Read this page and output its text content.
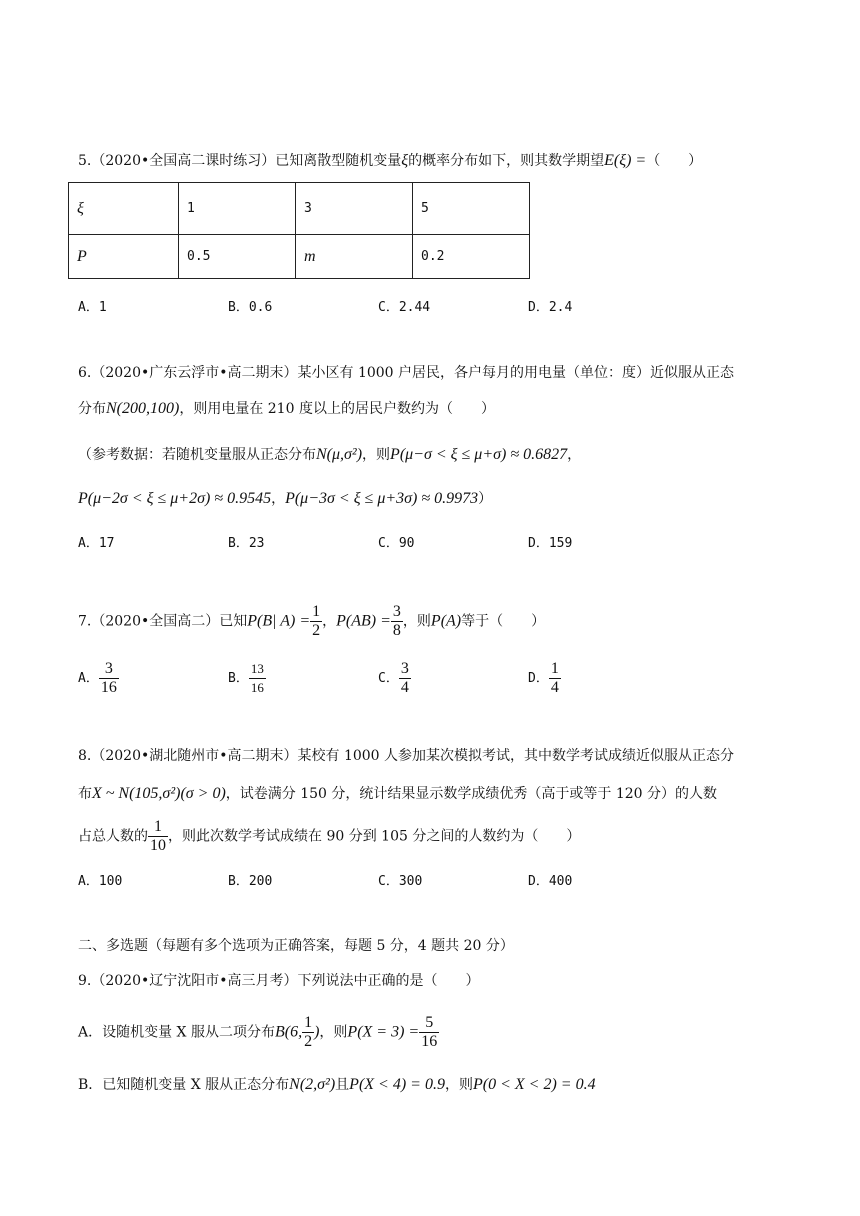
5.（2020•全国高二课时练习）已知离散型随机变量ξ的概率分布如下，则其数学期望E(ξ) =（　　）
ξ	1	3	5
P	0.5	m	0.2
A．1	B．0.6	C．2.44	D．2.4
6.（2020•广东云浮市•高二期末）某小区有 1000 户居民，各户每月的用电量（单位：度）近似服从正态
分布N(200,100)，则用电量在 210 度以上的居民户数约为（　　）
（参考数据：若随机变量服从正态分布N(μ,σ²)，则P(μ−σ < ξ ≤ μ+σ) ≈ 0.6827，
P(μ−2σ < ξ ≤ μ+2σ) ≈ 0.9545，P(μ−3σ < ξ ≤ μ+3σ) ≈ 0.9973）
A．17	B．23	C．90	D．159
7.（2020•全国高二）已知P(B| $A) = \frac{1}{2}$ ，$P(AB) = \frac{3}{8}$ ，则P(A)等于（　　）
A． $\frac{3}{16}$	B． $\frac{13}{16}$	C． $\frac{3}{4}$	D． $\frac{1}{4}$
8.（2020•湖北随州市•高二期末）某校有 1000 人参加某次模拟考试，其中数学考试成绩近似服从正态分
布X ~ N(105,σ²)(σ > 0)，试卷满分 150 分，统计结果显示数学成绩优秀（高于或等于 120 分）的人数
占总人数的 $\frac{1}{10}$ ，则此次数学考试成绩在 90 分到 105 分之间的人数约为（　　）
A．100	B．200	C．300	D．400
二、多选题（每题有多个选项为正确答案，每题 5 分，4 题共 20 分）
9.（2020•辽宁沈阳市•高三月考）下列说法中正确的是（　　）
A．设随机变量 X 服从二项分布B(6, $\frac{1}{2}$ )，则$P(X = 3) = \frac{5}{16}$
B．已知随机变量 X 服从正态分布N(2,σ²)且P(X < 4) = 0.9，则P(0 < X < 2) = 0.4
